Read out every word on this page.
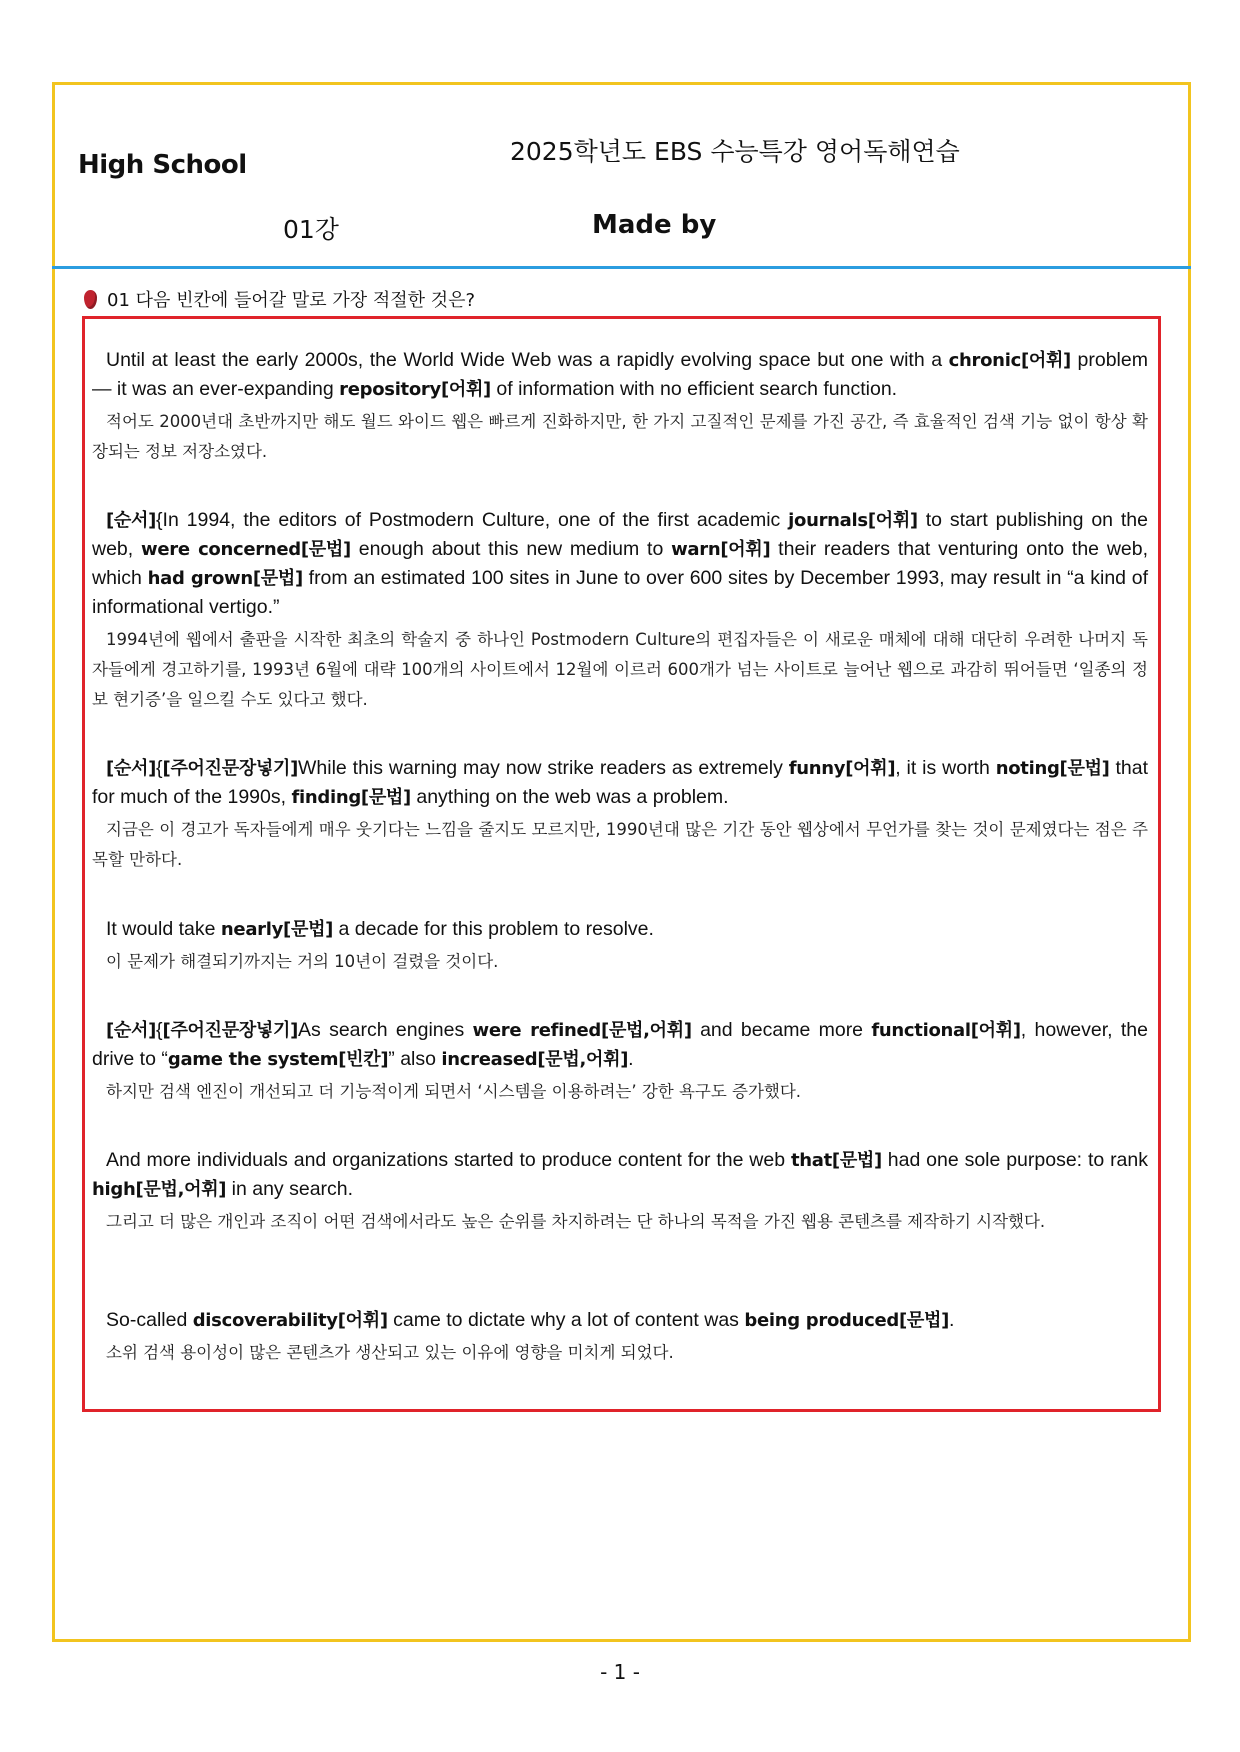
High School	2025학년도 EBS 수능특강 영어독해연습
01강	Made by
01 다음 빈칸에 들어갈 말로 가장 적절한 것은?
Until at least the early 2000s, the World Wide Web was a rapidly evolving space but one with a chronic[어휘] problem — it was an ever-expanding repository[어휘] of information with no efficient search function.
적어도 2000년대 초반까지만 해도 월드 와이드 웹은 빠르게 진화하지만, 한 가지 고질적인 문제를 가진 공간, 즉 효율적인 검색 기능 없이 항상 확장되는 정보 저장소였다.
[순서]{In 1994, the editors of Postmodern Culture, one of the first academic journals[어휘] to start publishing on the web, were concerned[문법] enough about this new medium to warn[어휘] their readers that venturing onto the web, which had grown[문법] from an estimated 100 sites in June to over 600 sites by December 1993, may result in “a kind of informational vertigo.”
1994년에 웹에서 출판을 시작한 최초의 학술지 중 하나인 Postmodern Culture의 편집자들은 이 새로운 매체에 대해 대단히 우려한 나머지 독자들에게 경고하기를, 1993년 6월에 대략 100개의 사이트에서 12월에 이르러 600개가 넘는 사이트로 늘어난 웹으로 과감히 뛰어들면 ‘일종의 정보 현기증’을 일으킬 수도 있다고 했다.
[순서]{[주어진문장넣기]While this warning may now strike readers as extremely funny[어휘], it is worth noting[문법] that for much of the 1990s, finding[문법] anything on the web was a problem.
지금은 이 경고가 독자들에게 매우 웃기다는 느낌을 줄지도 모르지만, 1990년대 많은 기간 동안 웹상에서 무언가를 찾는 것이 문제였다는 점은 주목할 만하다.
It would take nearly[문법] a decade for this problem to resolve.
이 문제가 해결되기까지는 거의 10년이 걸렸을 것이다.
[순서]{[주어진문장넣기]As search engines were refined[문법,어휘] and became more functional[어휘], however, the drive to “game the system[빈칸]” also increased[문법,어휘].
하지만 검색 엔진이 개선되고 더 기능적이게 되면서 ‘시스템을 이용하려는’ 강한 욕구도 증가했다.
And more individuals and organizations started to produce content for the web that[문법] had one sole purpose: to rank high[문법,어휘] in any search.
그리고 더 많은 개인과 조직이 어떤 검색에서라도 높은 순위를 차지하려는 단 하나의 목적을 가진 웹용 콘텐츠를 제작하기 시작했다.
So-called discoverability[어휘] came to dictate why a lot of content was being produced[문법].
소위 검색 용이성이 많은 콘텐츠가 생산되고 있는 이유에 영향을 미치게 되었다.
- 1 -
